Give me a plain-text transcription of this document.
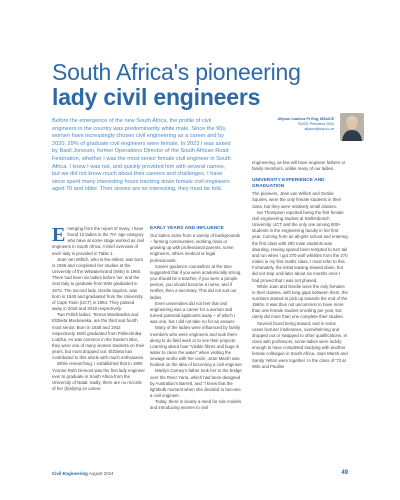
South Africa's pioneering
lady civil engineers

Before the emergence of the new South Africa, the profile of civil engineers in the country was predominantly white male. Since the 90s, women have increasingly chosen civil engineering as a career and by 2020, 29% of graduate civil engineers were female. In 2023 I was asked by Basil Jonsson, former Operations Director of the South African Road Federation, whether I was the most senior female civil engineer in South Africa. I knew I was not, and quickly provided him with several names, but we did not know much about their careers and challenges. I have since spent many interesting hours tracking down female civil engineers aged 70 and older. Their stories are so interesting, they must be told.

Allyson Lawless Pr Eng, MSAICE
SAICE President 2004
allyson@sky.co.za

Emerging from the report of many, I have found 10 ladies in the 70+ age category who have at some stage worked as civil engineers in South Africa. A brief overview of each lady is provided in Table 1.

Jean van Willich, who is the eldest, was born in 1936 and completed her studies at the University of the Witwatersrand (Wits) in 1960. There had been six ladies before her, and the next lady to graduate from Wits graduated in 1973. The second lady, Gerdie Squires, was born in 1945 and graduated from the University of Cape Town (UCT) in 1964. They passed away in 2016 and 2018 respectively.

Two Polish ladies, Teresa Wasilewska and Elzbieta Mackowska, are the third and fourth most senior. Born in 1938 and 1942 respectively. Both graduated from Politechnika Lodzka. As was common in the Eastern Bloc, they were one of many women students on their years, but most dropped out. Elzbieta has contributed to this article with much enthusiasm.

While researching, I established that in 1960 Yvonne Ruth Demont was the first lady engineer ever to graduate in South Africa from the University of Natal. Sadly, there are no records of her (b)elying on career.

EARLY YEARS AND INFLUENCE

Our ladies came from a variety of backgrounds – farming communities, working class or growing up with professional parents, some engineers, others medical or legal professionals.

Career guidance counsellors at the time suggested that if you were academically strong, you should be a teacher, if you were a people person, you should become a nurse, and if neither, then a secretary. This did not suit our ladies.

Even universities did not feel that civil engineering was a career for a woman and turned potential applicants away – of which I was one, but I did not take no for an answer.

Many of the ladies were influenced by family members who were engineers and took them along to do field work or to see their projects. Learning about how "Visible fibres and bugs in water to clean the water" when visiting the sewage works with her uncle, Jean Marsh was hooked on the idea of becoming a civil engineer.

Marilyn Carney's father took her to the bridge over the River Yarra, which had been designed by Australian's Barrett, and "I knew that the lightbulb moment when she decided to become a civil engineer.

Today, there is clearly a need for role models and introducing women to civil

engineering, as few will have engineer fathers or family members, unlike many of our ladies.

UNIVERSITY EXPERIENCE AND GRADUATION

The pioneers, Jean van Willich and Gerdie Squires, were the only female students in their class, but they were relatively small classes.

Ian Thompson reported being the first female civil engineering student at Stellenbosch University. UCT and the only one among 800+ students in the engineering faculty in her first year. Coming from an all-girls school and entering the first class with 280 male students was daunting. Having spared been tempted to turn tail and run when I got 270 wolf whistles from the 270 males in my first maths class, I must refer to this. Fortunately, the initial teasing slowed down, but did not stop until later about six months once I had proved that I was not phased.

While Joan and Gerdie were the only females in their classes, with long gaps between them, the numbers started to pick up towards the end of the 1960s. It was thus not uncommon to have more than one female student enrolling per year, but rarely did more than one complete their studies.

Several found being teased, and in some cases lecturer intolerance, overwhelming and dropped out or swapped to other qualifications. In class with professors, some ladies were luckily enough to have completed studying with another female colleague in South Africa. Joan Marsh and Sandy Yelton were together. In the class of '73 at Wits and Pauline

Civil Engineering August 2024	49
